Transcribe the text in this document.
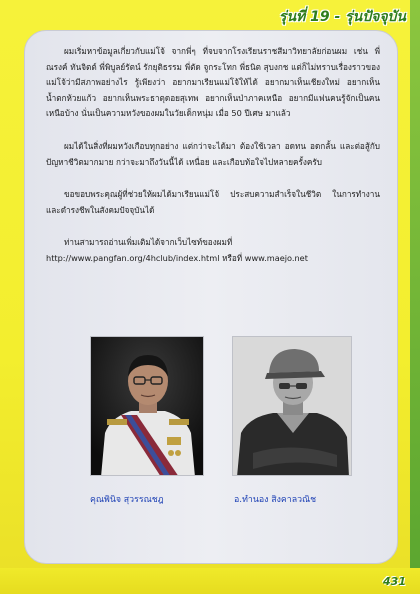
รุ่นที่ 19 - รุ่นปัจจุบัน

ผมเริ่มหาข้อมูลเกี่ยวกับแม่โจ้ จากพี่ๆ ที่จบจากโรงเรียนราชสีมาวิทยาลัยก่อนผม เช่น พี่ณรงค์ ทันจิตต์ พี่พิบูลย์รัตน์ รักยุติธรรม พี่ตัด จูกระโทก พี่ธนิต สุบงกช แต่ก็ไม่ทราบเรื่องราวของแม่โจ้ว่ามีสภาพอย่างไร รู้เพียงว่า อยากมาเรียนแม่โจ้ให้ได้ อยากมาเห็นเชียงใหม่ อยากเห็นน้ำตกห้วยแก้ว อยากเห็นพระธาตุดอยสุเทพ อยากเห็นป่าภาคเหนือ อยากมีแฟนคนรู้จักเป็นคนเหนือบ้าง นั่นเป็นความหวังของผมในวัยเด็กหนุ่ม เมื่อ 50 ปีเศษ มาแล้ว

ผมได้ในสิ่งที่ผมหวังเกือบทุกอย่าง แต่กว่าจะได้มา ต้องใช้เวลา อดทน อดกลั้น และต่อสู้กับปัญหาชีวิตมากมาย กว่าจะมาถึงวันนี้ได้ เหนื่อย และเกือบท้อใจไปหลายครั้งครับ

ขอขอบพระคุณผู้ที่ช่วยให้ผมได้มาเรียนแม่โจ้ ประสบความสำเร็จในชีวิต ในการทำงาน และดำรงชีพในสังคมปัจจุบันได้

ท่านสามารถอ่านเพิ่มเติมได้จากเว็บไซท์ของผมที่ http://www.pangfan.org/4hclub/index.html หรือที่ www.maejo.net

คุณพินิจ สุวรรณชฎ	อ.ทำนอง สิงคาลวณิช
431
